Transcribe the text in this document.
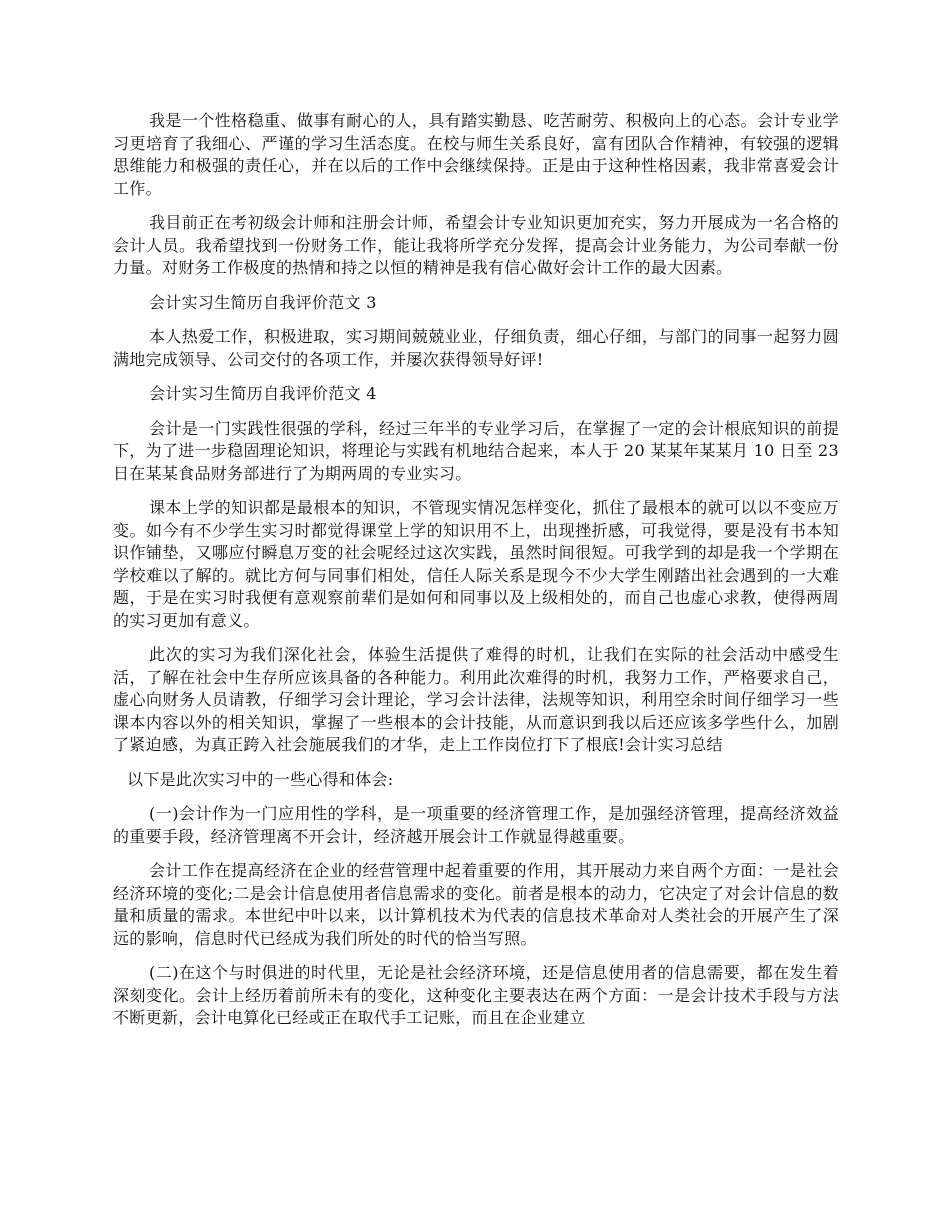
我是一个性格稳重、做事有耐心的人，具有踏实勤恳、吃苦耐劳、积极向上的心态。会计专业学习更培育了我细心、严谨的学习生活态度。在校与师生关系良好，富有团队合作精神，有较强的逻辑思维能力和极强的责任心，并在以后的工作中会继续保持。正是由于这种性格因素，我非常喜爱会计工作。

我目前正在考初级会计师和注册会计师，希望会计专业知识更加充实，努力开展成为一名合格的会计人员。我希望找到一份财务工作，能让我将所学充分发挥，提高会计业务能力，为公司奉献一份力量。对财务工作极度的热情和持之以恒的精神是我有信心做好会计工作的最大因素。

会计实习生简历自我评价范文 3

本人热爱工作，积极进取，实习期间兢兢业业，仔细负责，细心仔细，与部门的同事一起努力圆满地完成领导、公司交付的各项工作，并屡次获得领导好评!

会计实习生简历自我评价范文 4

会计是一门实践性很强的学科，经过三年半的专业学习后，在掌握了一定的会计根底知识的前提下，为了进一步稳固理论知识，将理论与实践有机地结合起来，本人于 20 某某年某某月 10 日至 23 日在某某食品财务部进行了为期两周的专业实习。

课本上学的知识都是最根本的知识，不管现实情况怎样变化，抓住了最根本的就可以以不变应万变。如今有不少学生实习时都觉得课堂上学的知识用不上，出现挫折感，可我觉得，要是没有书本知识作铺垫，又哪应付瞬息万变的社会呢经过这次实践，虽然时间很短。可我学到的却是我一个学期在学校难以了解的。就比方何与同事们相处，信任人际关系是现今不少大学生刚踏出社会遇到的一大难题，于是在实习时我便有意观察前辈们是如何和同事以及上级相处的，而自己也虚心求教，使得两周的实习更加有意义。

此次的实习为我们深化社会，体验生活提供了难得的时机，让我们在实际的社会活动中感受生活，了解在社会中生存所应该具备的各种能力。利用此次难得的时机，我努力工作，严格要求自己，虚心向财务人员请教，仔细学习会计理论，学习会计法律，法规等知识，利用空余时间仔细学习一些课本内容以外的相关知识，掌握了一些根本的会计技能，从而意识到我以后还应该多学些什么，加剧了紧迫感，为真正跨入社会施展我们的才华，走上工作岗位打下了根底!会计实习总结

以下是此次实习中的一些心得和体会:

(一)会计作为一门应用性的学科，是一项重要的经济管理工作，是加强经济管理，提高经济效益的重要手段，经济管理离不开会计，经济越开展会计工作就显得越重要。

会计工作在提高经济在企业的经营管理中起着重要的作用，其开展动力来自两个方面：一是社会经济环境的变化;二是会计信息使用者信息需求的变化。前者是根本的动力，它决定了对会计信息的数量和质量的需求。本世纪中叶以来，以计算机技术为代表的信息技术革命对人类社会的开展产生了深远的影响，信息时代已经成为我们所处的时代的恰当写照。

(二)在这个与时俱进的时代里，无论是社会经济环境，还是信息使用者的信息需要，都在发生着深刻变化。会计上经历着前所未有的变化，这种变化主要表达在两个方面：一是会计技术手段与方法不断更新，会计电算化已经或正在取代手工记账，而且在企业建立
